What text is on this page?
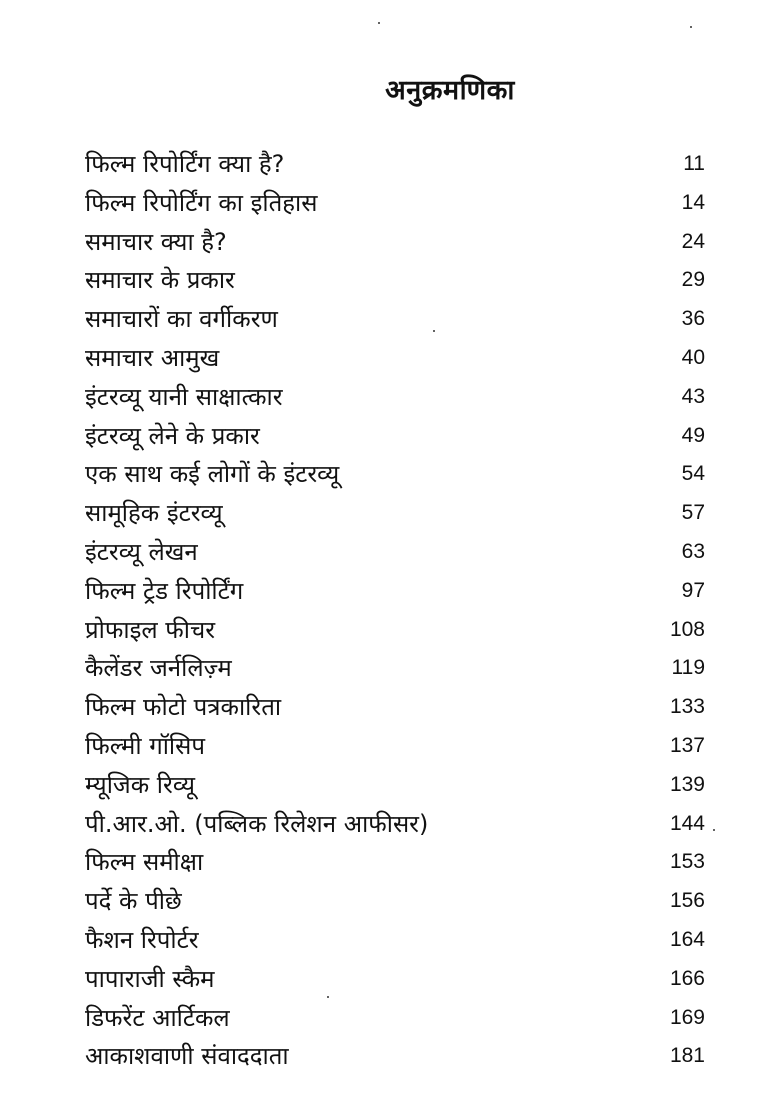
अनुक्रमणिका
फिल्म रिपोर्टिंग क्या है?	11
फिल्म रिपोर्टिंग का इतिहास	14
समाचार क्या है?	24
समाचार के प्रकार	29
समाचारों का वर्गीकरण	36
समाचार आमुख	40
इंटरव्यू यानी साक्षात्कार	43
इंटरव्यू लेने के प्रकार	49
एक साथ कई लोगों के इंटरव्यू	54
सामूहिक इंटरव्यू	57
इंटरव्यू लेखन	63
फिल्म ट्रेड रिपोर्टिंग	97
प्रोफाइल फीचर	108
कैलेंडर जर्नलिज़्म	119
फिल्म फोटो पत्रकारिता	133
फिल्मी गॉसिप	137
म्यूजिक रिव्यू	139
पी.आर.ओ. (पब्लिक रिलेशन आफीसर)	144
फिल्म समीक्षा	153
पर्दे के पीछे	156
फैशन रिपोर्टर	164
पापाराजी स्कैम	166
डिफरेंट आर्टिकल	169
आकाशवाणी संवाददाता	181
